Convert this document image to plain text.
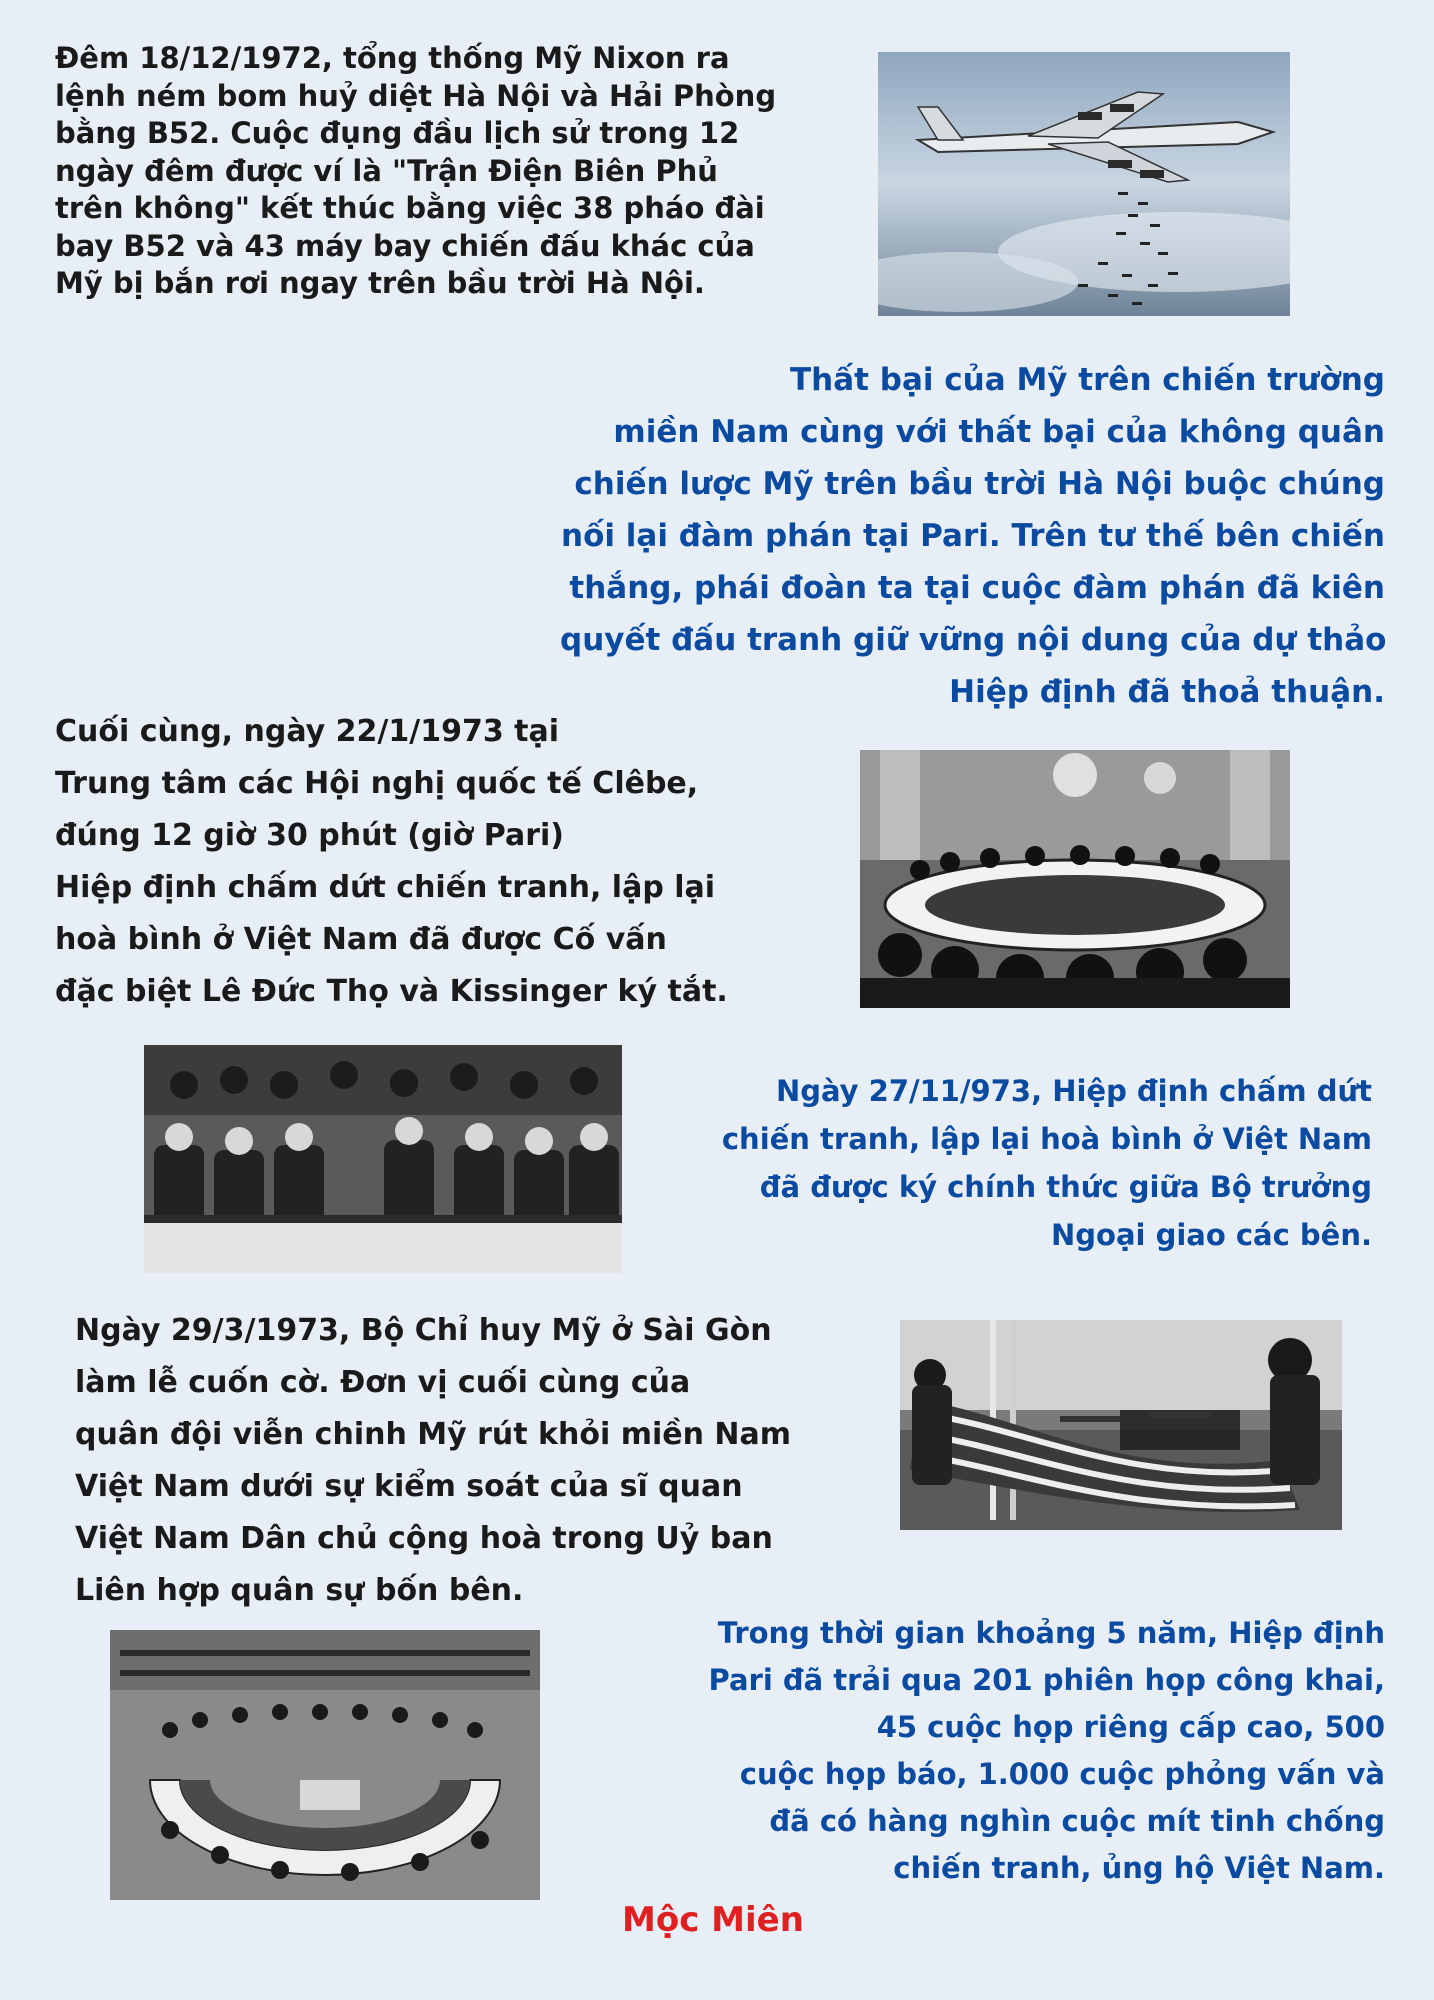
Đêm 18/12/1972, tổng thống Mỹ Nixon ra
lệnh ném bom huỷ diệt Hà Nội và Hải Phòng
bằng B52. Cuộc đụng đầu lịch sử trong 12
ngày đêm được ví là "Trận Điện Biên Phủ
trên không" kết thúc bằng việc 38 pháo đài
bay B52 và 43 máy bay chiến đấu khác của
Mỹ bị bắn rơi ngay trên bầu trời Hà Nội.
Thất bại của Mỹ trên chiến trường
miền Nam cùng với thất bại của không quân
chiến lược Mỹ trên bầu trời Hà Nội buộc chúng
nối lại đàm phán tại Pari. Trên tư thế bên chiến
thắng, phái đoàn ta tại cuộc đàm phán đã kiên
quyết đấu tranh giữ vững nội dung của dự thảo
Hiệp định đã thoả thuận.
Cuối cùng, ngày 22/1/1973 tại
Trung tâm các Hội nghị quốc tế Clêbe,
đúng 12 giờ 30 phút (giờ Pari)
Hiệp định chấm dứt chiến tranh, lập lại
hoà bình ở Việt Nam đã được Cố vấn
đặc biệt Lê Đức Thọ và Kissinger ký tắt.
Ngày 27/11/973, Hiệp định chấm dứt
chiến tranh, lập lại hoà bình ở Việt Nam
đã được ký chính thức giữa Bộ trưởng
Ngoại giao các bên.
Ngày 29/3/1973, Bộ Chỉ huy Mỹ ở Sài Gòn
làm lễ cuốn cờ. Đơn vị cuối cùng của
quân đội viễn chinh Mỹ rút khỏi miền Nam
Việt Nam dưới sự kiểm soát của sĩ quan
Việt Nam Dân chủ cộng hoà trong Uỷ ban
Liên hợp quân sự bốn bên.
Trong thời gian khoảng 5 năm, Hiệp định
Pari đã trải qua 201 phiên họp công khai,
45 cuộc họp riêng cấp cao, 500
cuộc họp báo, 1.000 cuộc phỏng vấn và
đã có hàng nghìn cuộc mít tinh chống
chiến tranh, ủng hộ Việt Nam.
Mộc Miên
